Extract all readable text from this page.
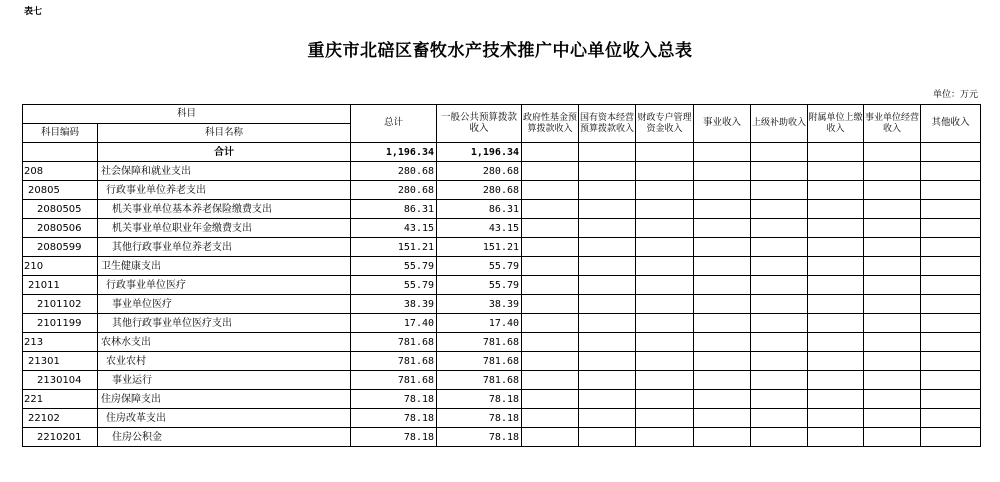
表七
重庆市北碚区畜牧水产技术推广中心单位收入总表
单位：万元
科目		总计	一般公共预算拨款收入	政府性基金预算拨款收入	国有资本经营预算拨款收入	财政专户管理资金收入	事业收入	上级补助收入	附属单位上缴收入	事业单位经营收入	其他收入
科目编码	科目名称										
	合计	1,196.34	1,196.34								
208	社会保障和就业支出	280.68	280.68								
20805	行政事业单位养老支出	280.68	280.68								
2080505	机关事业单位基本养老保险缴费支出	86.31	86.31								
2080506	机关事业单位职业年金缴费支出	43.15	43.15								
2080599	其他行政事业单位养老支出	151.21	151.21								
210	卫生健康支出	55.79	55.79								
21011	行政事业单位医疗	55.79	55.79								
2101102	事业单位医疗	38.39	38.39								
2101199	其他行政事业单位医疗支出	17.40	17.40								
213	农林水支出	781.68	781.68								
21301	农业农村	781.68	781.68								
2130104	事业运行	781.68	781.68								
221	住房保障支出	78.18	78.18								
22102	住房改革支出	78.18	78.18								
2210201	住房公积金	78.18	78.18								
